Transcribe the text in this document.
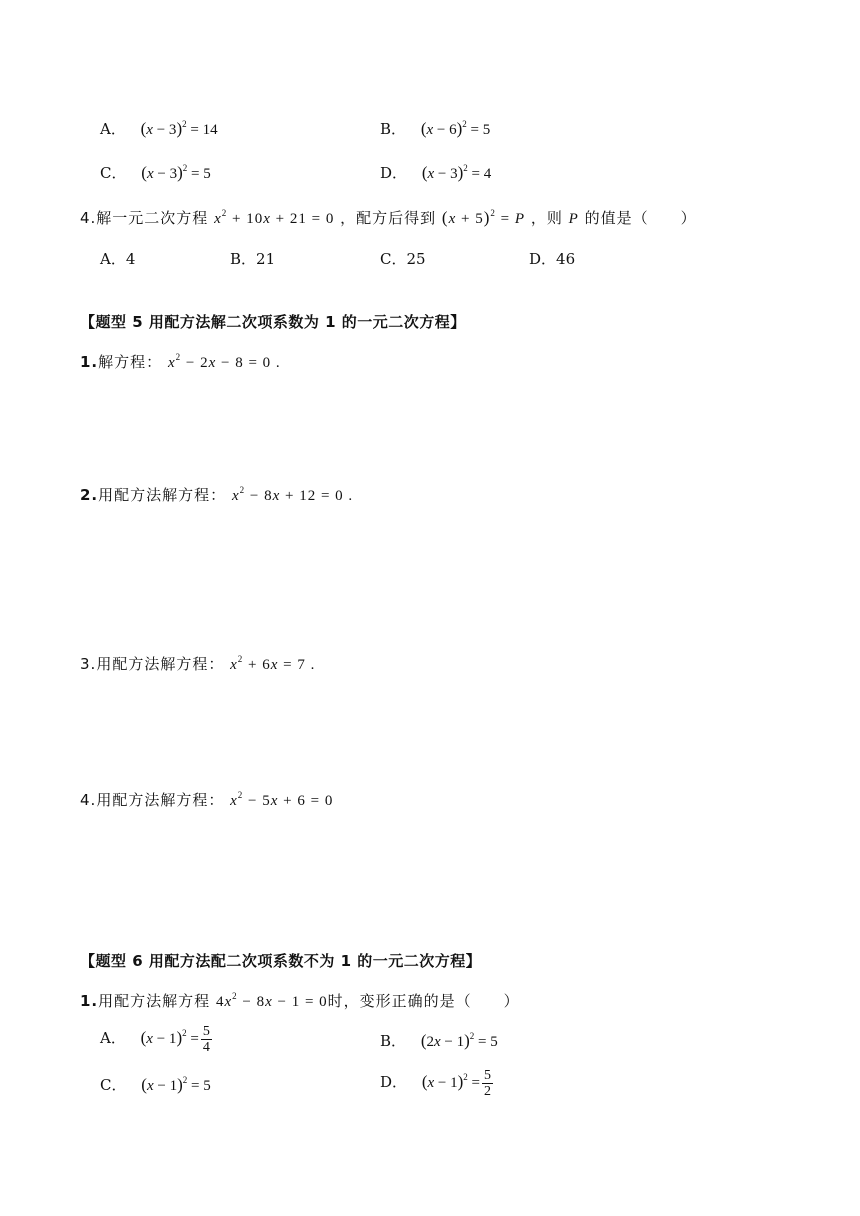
A． $(x - 3)^2 = 14$	B． $(x - 6)^2 = 5$
C． $(x - 3)^2 = 5$	D． $(x - 3)^2 = 4$
4.解一元二次方程 $x^2 + 10x + 21 = 0$ ，配方后得到 $(x + 5)^2 = P$ ，则 P 的值是（　　）
A．4	B．21	C．25	D．46
【题型 5 用配方法解二次项系数为 1 的一元二次方程】
1.解方程： $x^2 - 2x - 8 = 0$ .
2.用配方法解方程： $x^2 - 8x + 12 = 0$ .
3.用配方法解方程： $x^2 + 6x = 7$ .
4.用配方法解方程： $x^2 - 5x + 6 = 0$
【题型 6 用配方法配二次项系数不为 1 的一元二次方程】
1.用配方法解方程 $4x^2 - 8x - 1 = 0$时，变形正确的是（　　）
A． $(x - 1)^2 = \frac{5}{4}$	B． $(2x - 1)^2 = 5$
C． $(x - 1)^2 = 5$	D． $(x - 1)^2 = \frac{5}{2}$
